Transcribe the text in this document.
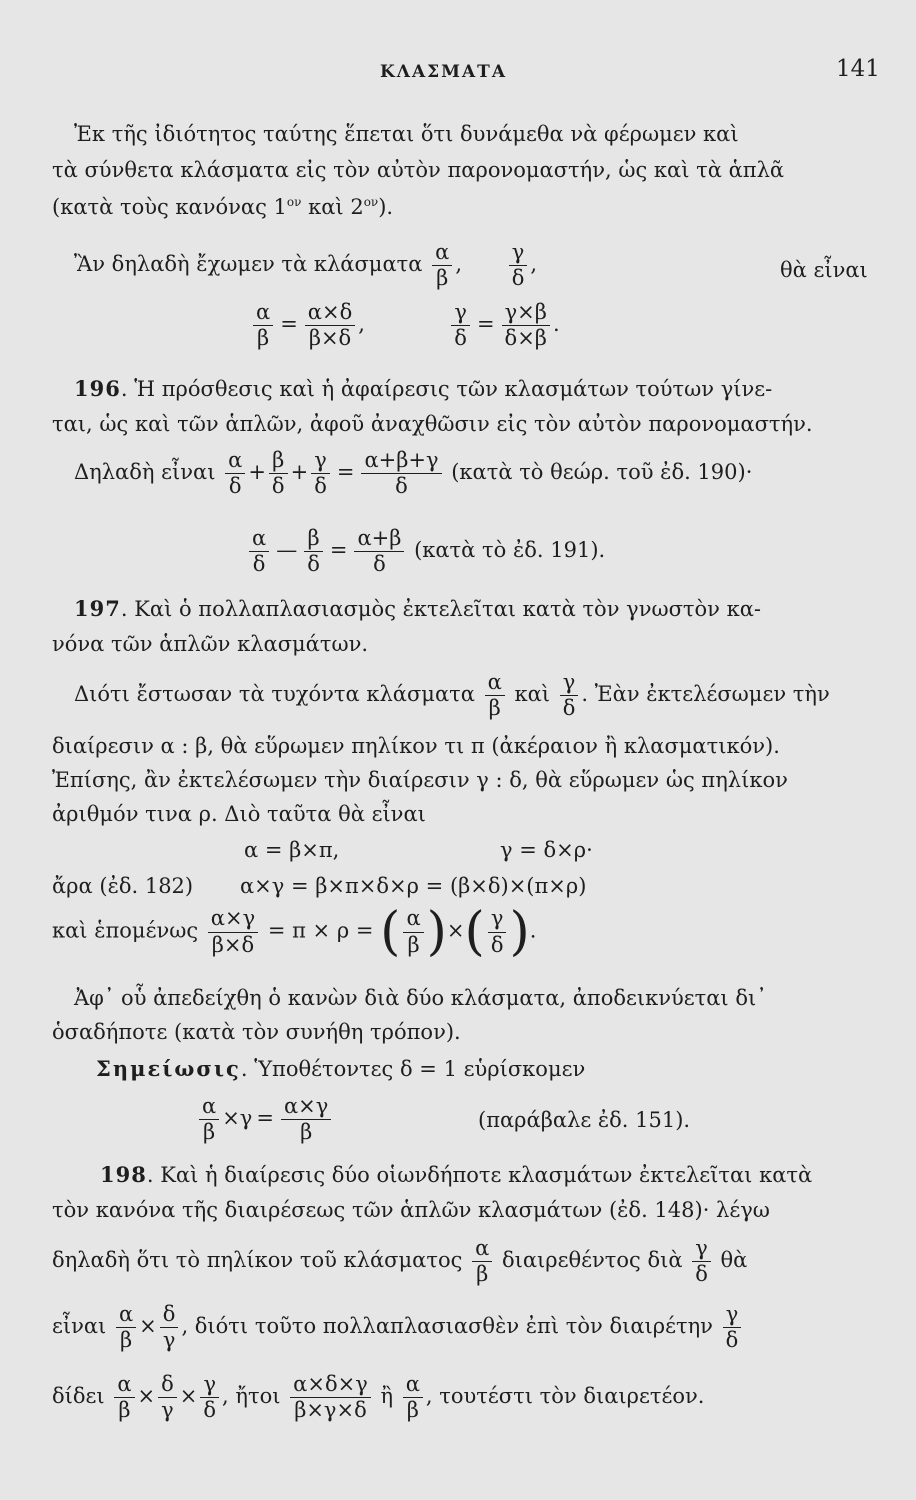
ΚΛΑΣΜΑΤΑ	141
Ἐκ τῆς ἰδιότητος ταύτης ἕπεται ὅτι δυνάμεθα νὰ φέρωμεν καὶ
τὰ σύνθετα κλάσματα εἰς τὸν αὐτὸν παρονομαστήν, ὡς καὶ τὰ ἁπλᾶ
(κατὰ τοὺς κανόνας $1^{o\nu}$ καὶ $2^{o\nu}$).
Ἂν δηλαδὴ ἔχωμεν τὰ κλάσματα $\frac{\alpha}{\beta}$ , $\frac{\gamma}{\delta}$ ,	θὰ εἶναι
$\frac{\alpha}{\beta} = \frac{\alpha\times\delta}{\beta\times\delta}$ ,	$\frac{\gamma}{\delta} = \frac{\gamma\times\beta}{\delta\times\beta}$ .
196. Ἡ πρόσθεσις καὶ ἡ ἀφαίρεσις τῶν κλασμάτων τούτων γίνε-
ται, ὡς καὶ τῶν ἁπλῶν, ἀφοῦ ἀναχθῶσιν εἰς τὸν αὐτὸν παρονομαστήν.
Δηλαδὴ εἶναι $\frac{\alpha}{\delta} + \frac{\beta}{\delta} + \frac{\gamma}{\delta} = \frac{\alpha+\beta+\gamma}{\delta}$ (κατὰ τὸ θεώρ. τοῦ ἐδ. 190)·
$\frac{\alpha}{\delta}$ — $\frac{\beta}{\delta} = \frac{\alpha+\beta}{\delta}$ (κατὰ τὸ ἐδ. 191).
197. Καὶ ὁ πολλαπλασιασμὸς ἐκτελεῖται κατὰ τὸν γνωστὸν κα-
νόνα τῶν ἁπλῶν κλασμάτων.
Διότι ἔστωσαν τὰ τυχόντα κλάσματα $\frac{\alpha}{\beta}$ καὶ $\frac{\gamma}{\delta}$ . Ἐὰν ἐκτελέσωμεν τὴν
διαίρεσιν α : β, θὰ εὕρωμεν πηλίκον τι π (ἀκέραιον ἢ κλασματικόν).
Ἐπίσης, ἂν ἐκτελέσωμεν τὴν διαίρεσιν γ : δ, θὰ εὕρωμεν ὡς πηλίκον
ἀριθμόν τινα ρ. Διὸ ταῦτα θὰ εἶναι
α = β×π,	γ = δ×ρ·
ἄρα (ἐδ. 182) α×γ = β×π×δ×ρ = (β×δ)×(π×ρ)
καὶ ἑπομένως $\frac{\alpha\times\gamma}{\beta\times\delta} = \pi \times \rho$ = ( $\frac{\alpha}{\beta}$ )×( $\frac{\gamma}{\delta}$ ).
Ἀφ᾽ οὗ ἀπεδείχθη ὁ κανὼν διὰ δύο κλάσματα, ἀποδεικνύεται δι᾽
ὁσαδήποτε (κατὰ τὸν συνήθη τρόπον).
Σημείωσις. Ὑποθέτοντες δ = 1 εὑρίσκομεν
$\frac{\alpha}{\beta} \times\gamma = \frac{\alpha\times\gamma}{\beta}$	(παράβαλε ἐδ. 151).
198. Καὶ ἡ διαίρεσις δύο οἱωνδήποτε κλασμάτων ἐκτελεῖται κατὰ
τὸν κανόνα τῆς διαιρέσεως τῶν ἁπλῶν κλασμάτων (ἐδ. 148)· λέγω
δηλαδὴ ὅτι τὸ πηλίκον τοῦ κλάσματος $\frac{\alpha}{\beta}$ διαιρεθέντος διὰ $\frac{\gamma}{\delta}$ θὰ
εἶναι $\frac{\alpha}{\beta} \times \frac{\delta}{\gamma}$ , διότι τοῦτο πολλαπλασιασθὲν ἐπὶ τὸν διαιρέτην $\frac{\gamma}{\delta}$
δίδει $\frac{\alpha}{\beta} \times \frac{\delta}{\gamma} \times \frac{\gamma}{\delta}$ , ἤτοι $\frac{\alpha\times\delta\times\gamma}{\beta\times\gamma\times\delta}$ ἢ $\frac{\alpha}{\beta}$ , τουτέστι τὸν διαιρετέον.
